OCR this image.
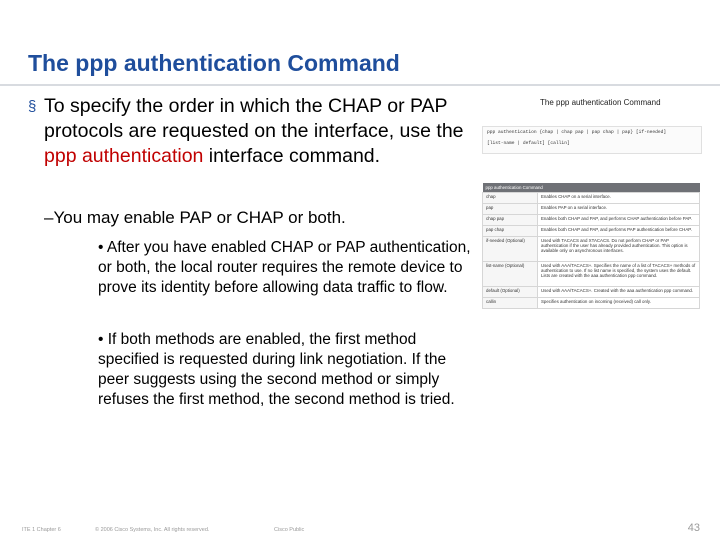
The ppp authentication Command
§ To specify the order in which the CHAP or PAP protocols are requested on the interface, use the ppp authentication interface command.
–You may enable PAP or CHAP or both.
• After you have enabled CHAP or PAP authentication, or both, the local router requires the remote device to prove its identity before allowing data traffic to flow.
• If both methods are enabled, the first method specified is requested during link negotiation. If the peer suggests using the second method or simply refuses the first method, the second method is tried.
The ppp authentication Command
ppp authentication {chap | chap pap | pap chap | pap} [if-needed]
[list-name | default] [callin]
ppp authentication Command	
chap	Enables CHAP on a serial interface.
pap	Enables PAP on a serial interface.
chap pap	Enables both CHAP and PAP, and performs CHAP authentication before PAP.
pap chap	Enables both CHAP and PAP, and performs PAP authentication before CHAP.
if-needed (Optional)	Used with TACACS and XTACACS. Do not perform CHAP or PAP authentication if the user has already provided authentication. This option is available only on asynchronous interfaces.
list-name (Optional)	Used with AAA/TACACS+. Specifies the name of a list of TACACS+ methods of authentication to use. If no list name is specified, the system uses the default. Lists are created with the aaa authentication ppp command.
default (Optional)	Used with AAA/TACACS+. Created with the aaa authentication ppp command.
callin	Specifies authentication on incoming (received) call only.
ITE 1 Chapter 6	© 2006 Cisco Systems, Inc. All rights reserved.	Cisco Public	43
